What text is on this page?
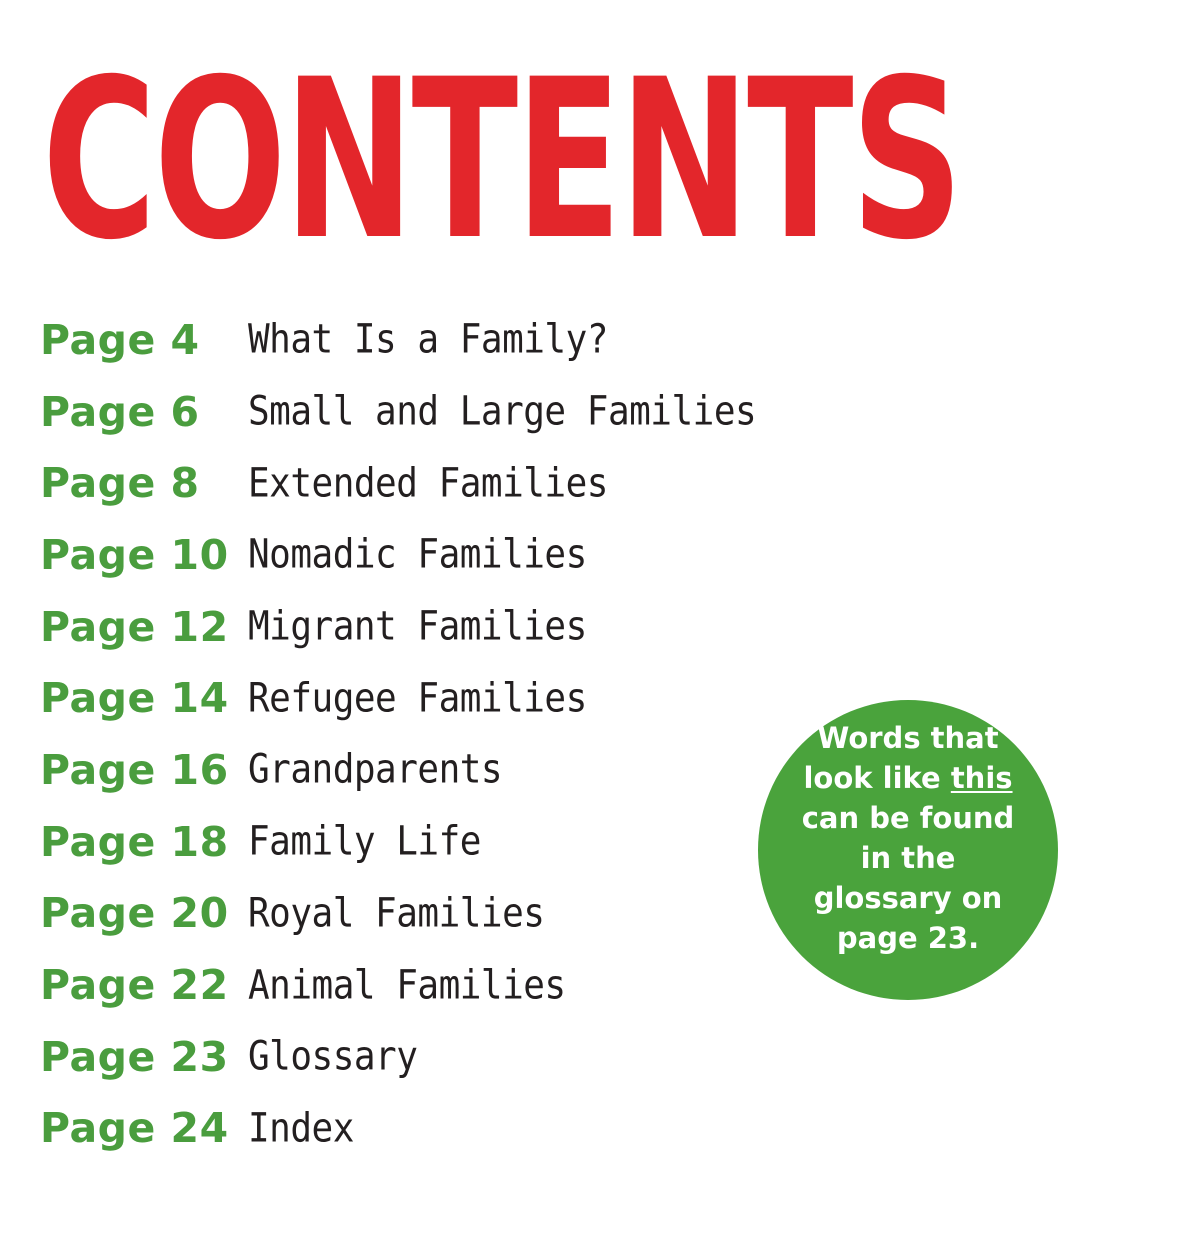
CONTENTS
Page 4	What Is a Family?
Page 6	Small and Large Families
Page 8	Extended Families
Page 10 Nomadic Families
Page 12 Migrant Families
Page 14 Refugee Families
Page 16 Grandparents
Page 18 Family Life
Page 20 Royal Families
Page 22 Animal Families
Page 23 Glossary
Page 24 Index

Words that look like this can be found in the glossary on page 23.
